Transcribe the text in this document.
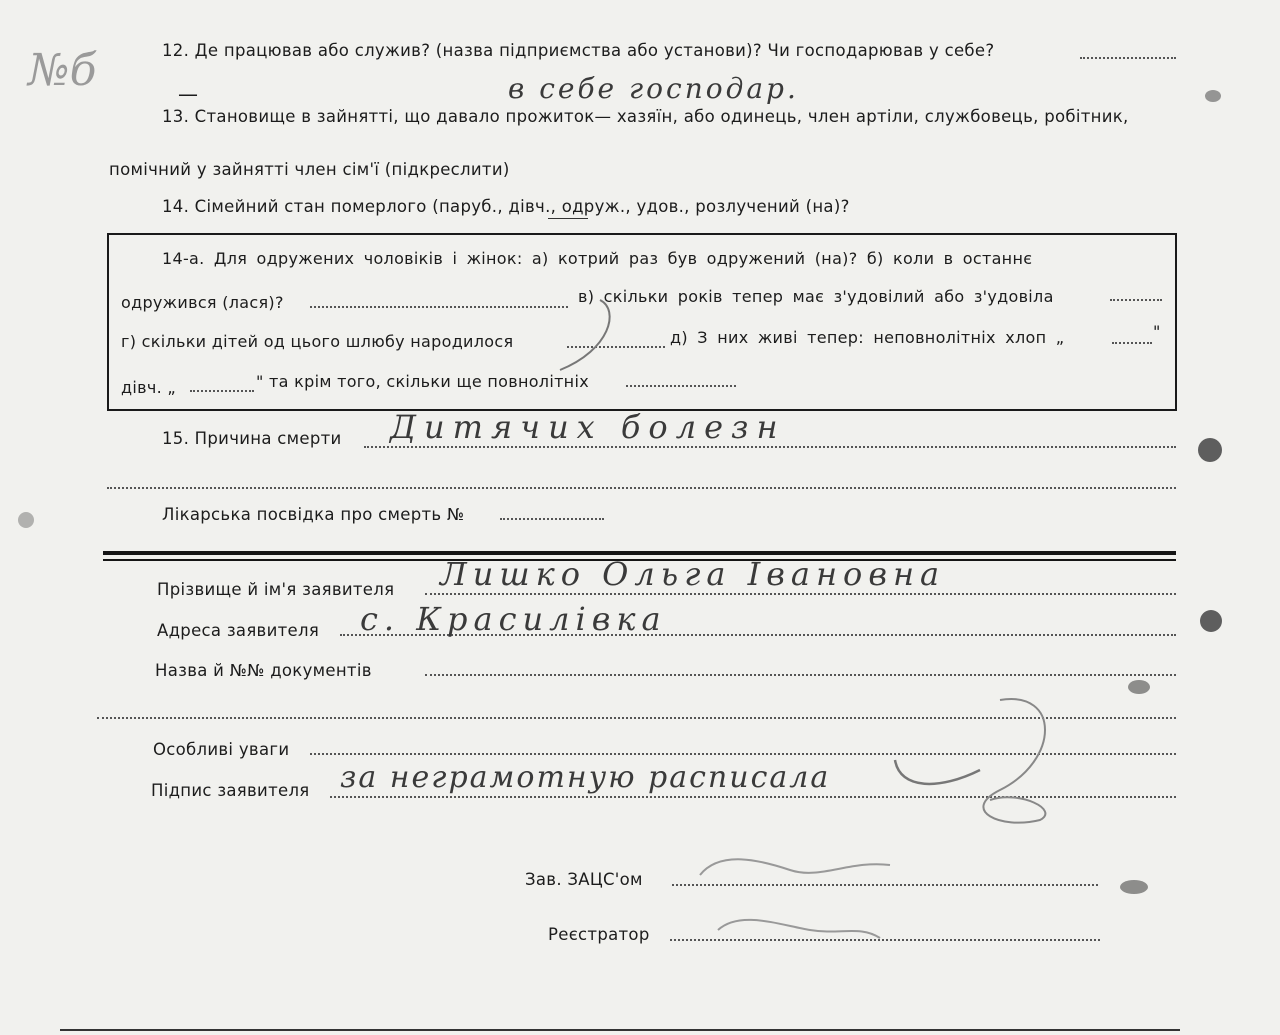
№б	12. Де працював або служив? (назва підприємства або установи)? Чи господарював у себе?
—	в себе господар.
13. Становище в зайнятті, що давало прожиток— хазяїн, або одинець, член артіли, службовець, робітник,
помічний у зайнятті член сім'ї (підкреслити)
14. Сімейний стан померлого (паруб., дівч., одруж., удов., розлучений (на)?
14-а. Для одружених чоловіків і жінок: а) котрий раз був одружений (на)? б) коли в останнє
одружився (лася)?	в) скільки років тепер має з'удовілий або з'удовіла
г) скільки дітей од цього шлюбу народилося	д) З них живі тепер: неповнолітніх хлоп „	"
дівч. „	" та крім того, скільки ще повнолітніх
15. Причина смерти Дитячих болезн
Лікарська посвідка про смерть №
Прізвище й ім'я заявителя Лишко Ольга Івановна
Адреса заявителя с. Красилівка
Назва й №№ документів
Особливі уваги
Підпис заявителя за неграмотную расписала
Зав. ЗАЦС'ом
Реєстратор
